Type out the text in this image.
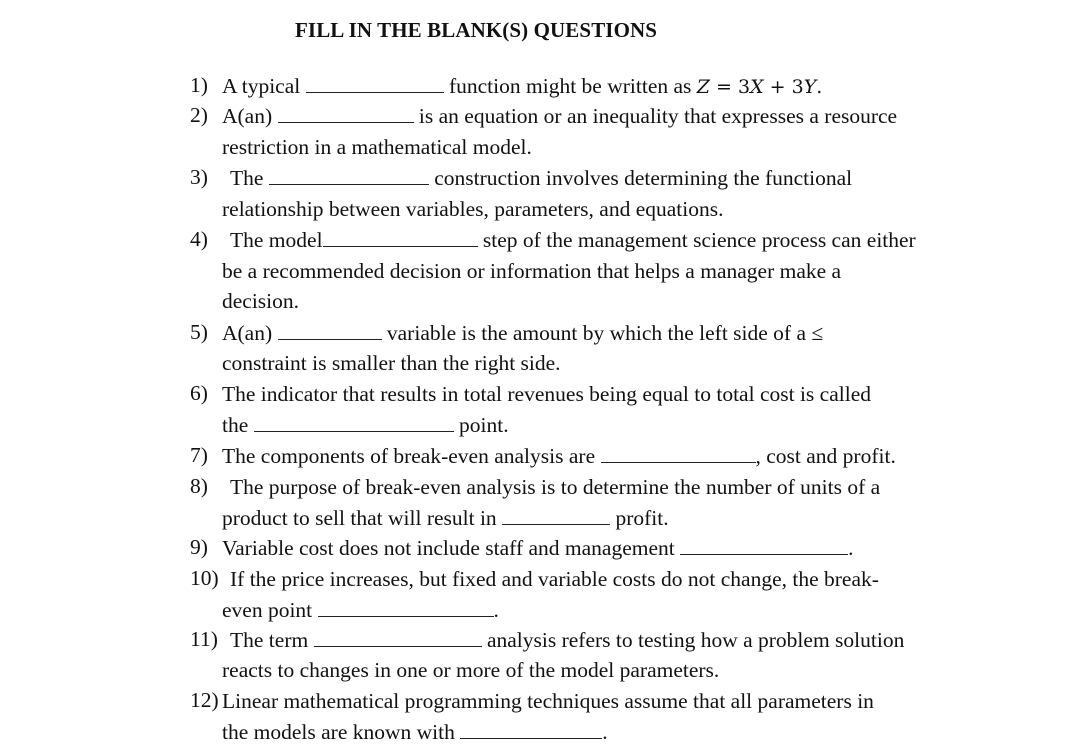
FILL IN THE BLANK(S) QUESTIONS
1) A typical	function might be written as Z = 3X + 3Y.
2) A(an)	is an equation or an inequality that expresses a resource
restriction in a mathematical model.
3) The	construction involves determining the functional
relationship between variables, parameters, and equations.
4) The model	step of the management science process can either
be a recommended decision or information that helps a manager make a
decision.
5) A(an)	variable is the amount by which the left side of a ≤
constraint is smaller than the right side.
6) The indicator that results in total revenues being equal to total cost is called
the	point.
7) The components of break-even analysis are	, cost and profit.
8) The purpose of break-even analysis is to determine the number of units of a
product to sell that will result in	profit.
9) Variable cost does not include staff and management	.
10) If the price increases, but fixed and variable costs do not change, the break-
even point	.
11) The term	analysis refers to testing how a problem solution
reacts to changes in one or more of the model parameters.
12) Linear mathematical programming techniques assume that all parameters in
the models are known with	.
